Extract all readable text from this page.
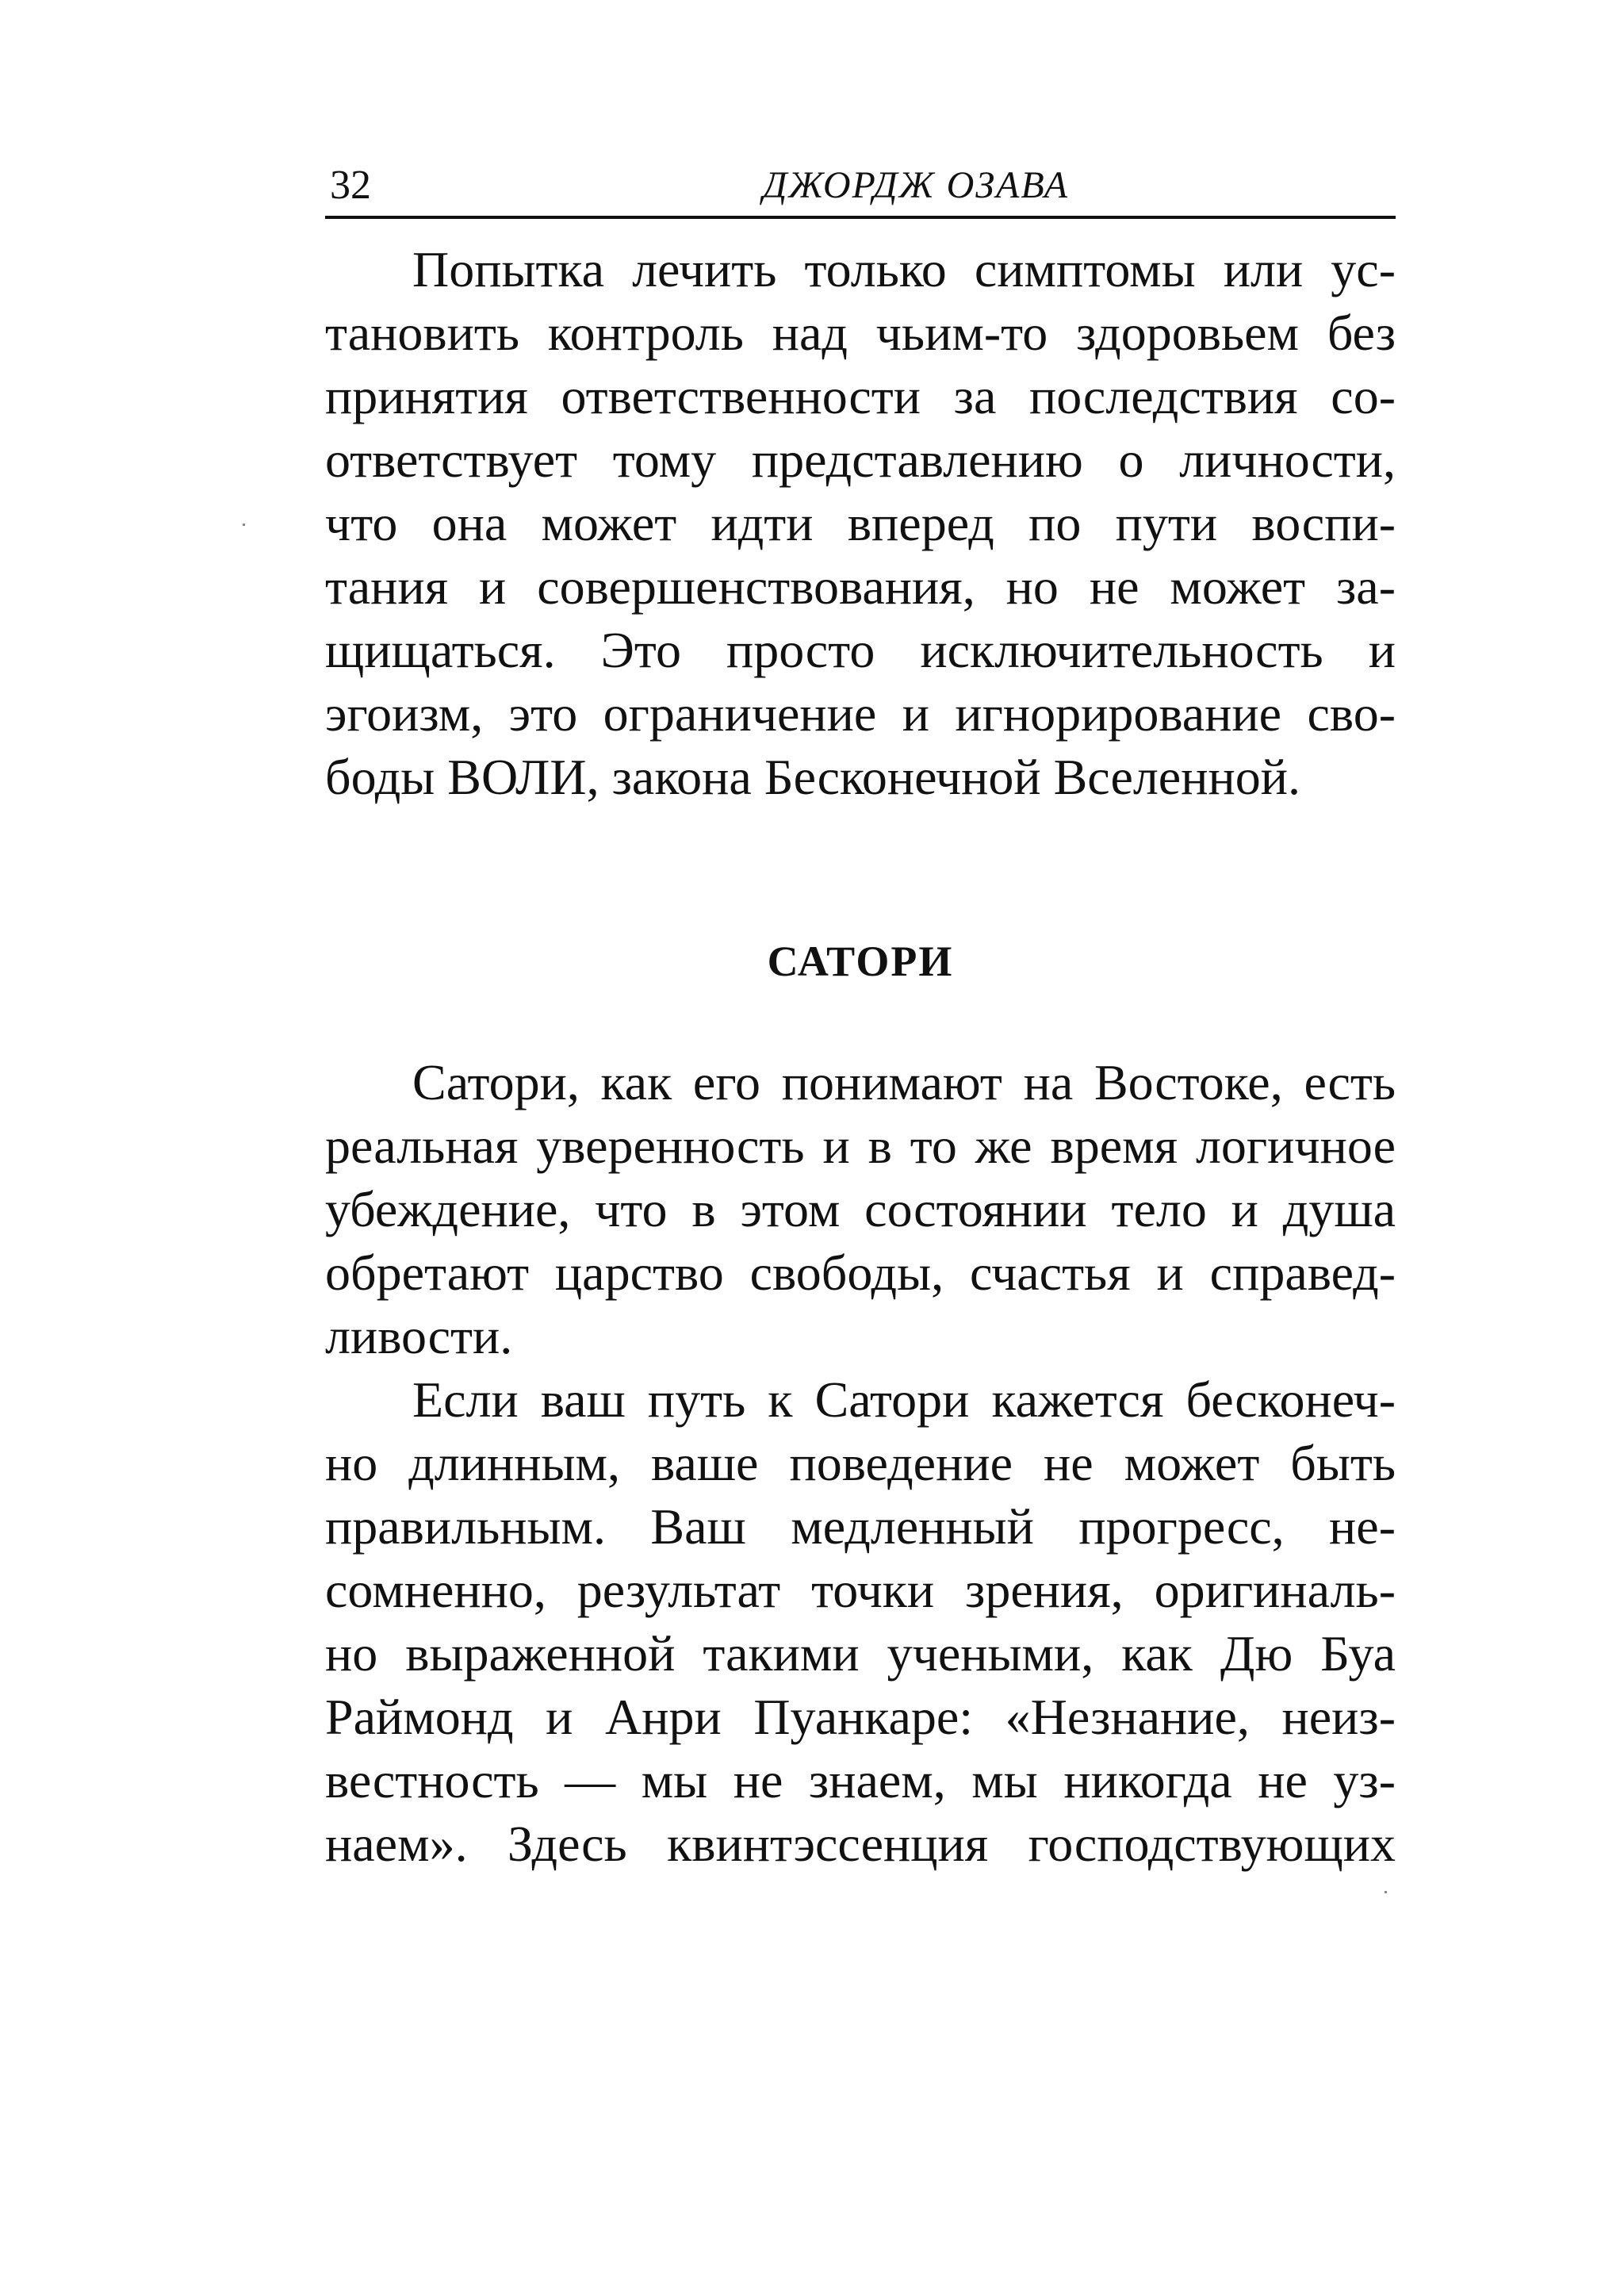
32	ДЖОРДЖ ОЗАВА
Попытка лечить только симптомы или ус-
тановить контроль над чьим-то здоровьем без
принятия ответственности за последствия со-
ответствует тому представлению о личности,
что она может идти вперед по пути воспи-
тания и совершенствования, но не может за-
щищаться. Это просто исключительность и
эгоизм, это ограничение и игнорирование сво-
боды ВОЛИ, закона Бесконечной Вселенной.
САТОРИ
Сатори, как его понимают на Востоке, есть
реальная уверенность и в то же время логичное
убеждение, что в этом состоянии тело и душа
обретают царство свободы, счастья и справед-
ливости.
Если ваш путь к Сатори кажется бесконеч-
но длинным, ваше поведение не может быть
правильным. Ваш медленный прогресс, не-
сомненно, результат точки зрения, оригиналь-
но выраженной такими учеными, как Дю Буа
Раймонд и Анри Пуанкаре: «Незнание, неиз-
вестность — мы не знаем, мы никогда не уз-
наем». Здесь квинтэссенция господствующих
